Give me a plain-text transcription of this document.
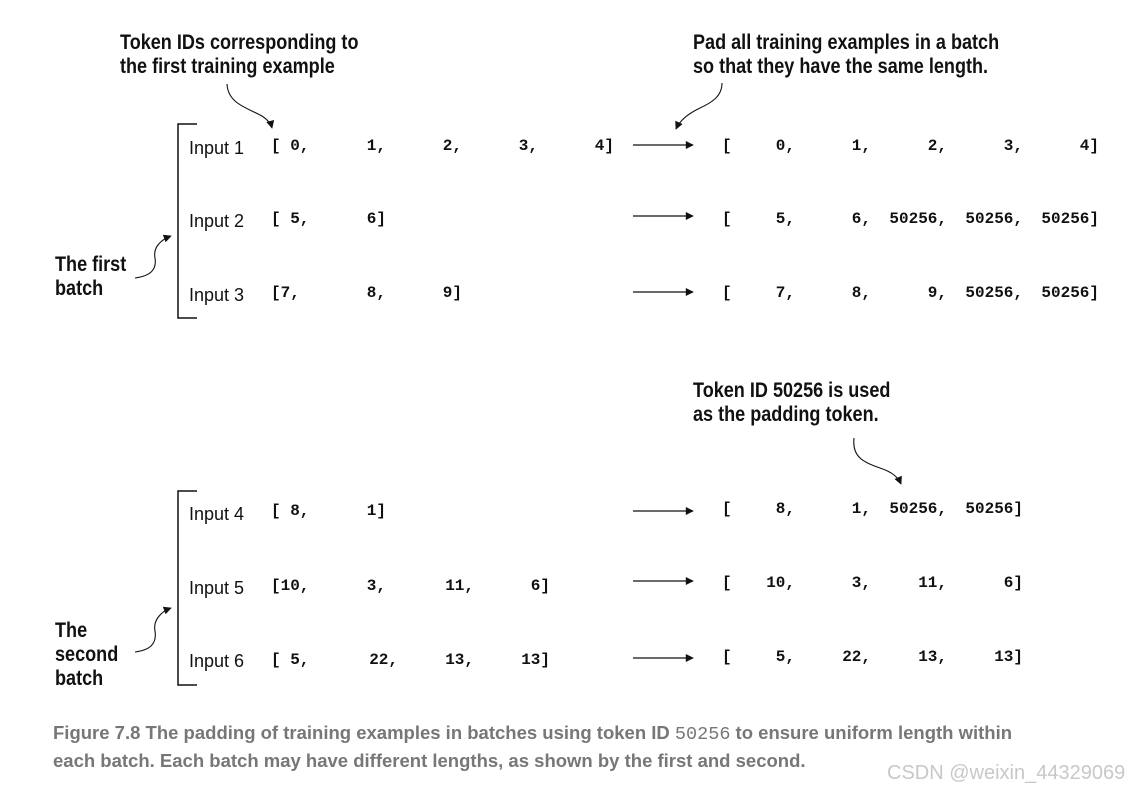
Token IDs corresponding to
the first training example
Pad all training examples in a batch
so that they have the same length.
Token ID 50256 is used
as the padding token.
The first
batch
The
second
batch
Input 1
Input 2
Input 3
Input 4
Input 5
Input 6
[ 0,	1,	2,	3,	4]
[ 5,	6]
[7,	8,	9]
[ 8,	1]
[10,	3,	11,	6]
[ 5,	22,	13,	13]
[	0,	1,	2,	3,	4]
[	5,	6, 50256, 50256, 50256]
[	7,	8,	9, 50256, 50256]
[	8,	1, 50256, 50256]
[	10,	3,	11,	6]
[	5,	22,	13,	13]
Figure 7.8 The padding of training examples in batches using token ID 50256 to ensure uniform length within
each batch. Each batch may have different lengths, as shown by the first and second.
CSDN @weixin_44329069
